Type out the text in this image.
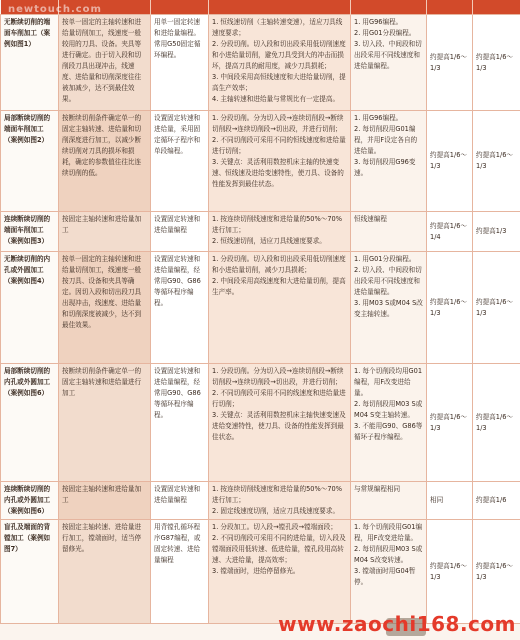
无断续切削的端面车削加工（案例如图1）	按单一固定的主轴转速和进给量切削加工，线速度一般较用的刀具、设备。夹具等进行确定。由于切入段和切削段刀具出现冲击，线速度、进给量和切削深度往往被加减少，达不到最佳效果。	用单一固定转速和进给量编程。常用G50固定循环编程。	1. 恒线速切削（主轴转速变速），适应刀具线速度要求；
2. 分段切削。切入段和切出段采用低切削速度和小进给量切削，避免刀具受到大的冲击而损坏，提高刀具的耐用度，减少刀具损耗；
3. 中间段采用高恒线速度和大进给量切削，提高生产效率；
4. 主轴转速和进给量与常规比有一定提高。	1. 用G96编程。
2. 用G01分段编程。
3. 切入段、中间段和切出段采用不同线速度和进给量编程。	约提高1/6～1/3	约提高1/6～1/3
局部断续切削的端面车削加工（案例如图2）	按断续切削条件确定单一的固定主轴转速、进给量和切削深度进行加工，以减少断续切削对刀具的损坏和损耗，确定的参数值往往比连续切削的低。	设置固定转速和进给量，采用固定循环子程序和单段编程。	1. 分段切削。分为切入段→连续切削段→断续切削段→连续切削段→切出段，并进行切削；
2. 不同切削段可采用不同的恒线速度和进给量进行切削；
3. 关键点：灵活利用数控机床主轴的快速变速、恒线速及进给变速特性，使刀具、设备的性能发挥到最佳状态。	1. 用G96编程。
2. 每切削段用G01编程，并用F设定各自的进给量。
3. 每切削段用G96变速。	约提高1/6～1/3	约提高1/6～1/3
连续断续切削的端面车削加工（案例如图3）	按固定主轴转速和进给量加工	设置固定转速和进给量编程	1. 按连续切削线速度和进给量的50%～70%进行加工；
2. 恒线速切削，适应刀具线速度要求。	恒线速编程	约提高1/6～1/4	约提高1/3
无断续切削的内孔或外圆加工（案例如图4）	按单一固定的主轴转速和进给量切削加工，线速度一般按刀具、设备和夹具等确定。因切入段和切出段刀具出现冲击，线速度、进给量和切削深度被减少，达不到最佳效果。	设置固定转速和进给量编程，经常用G90、G86等循环程序编程。	1. 分段切削。切入段和切出段采用低切削速度和小进给量切削，减少刀具损耗；
2. 中间段采用高线速度和大进给量切削，提高生产率。	1. 用G01分段编程。
2. 切入段、中间段和切出段采用不同线速度和进给量编程。
3. 用M03 S或M04 S改变主轴转速。	约提高1/6～1/3	约提高1/6～1/3
局部断续切削的内孔或外圆加工（案例如图6）	按断续切削条件确定单一的固定主轴转速和进给量进行加工	设置固定转速和进给量编程，经常用G90、G86等循环程序编程。	1. 分段切削。分为切入段→连续切削段→断续切削段→连续切削段→切出段，并进行切削；
2. 不同切削段可采用不同的线速度和进给量进行切削；
3. 关键点：灵活利用数控机床主轴快速变速及进给变速特性，使刀具、设备的性能发挥到最佳状态。	1. 每个切削段均用G01编程，用F改变进给量。
2. 每切削段用M03 S或M04 S变主轴转速。
3. 不能用G90、G86等循环子程序编程。	约提高1/6～1/3	约提高1/6～1/3
连续断续切削的内孔或外圆加工（案例如图6）	按固定主轴转速和进给量加工	设置固定转速和进给量编程	1. 按连续切削线速度和进给量的50%～70%进行加工；
2. 固定线速度切削，适应刀具线速度要求。	与常规编程相同	相同	约提高1/6
盲孔及端面的背镗加工（案例如图7）	按固定主轴转速、进给量进行加工，镗端面时，适当停留修光。	用背镗孔循环程序G87编程，或固定转速、进给量编程	1. 分段加工。切入段→镗孔段→镗端面段；
2. 不同切削段可采用不同的进给量，切入段及镗端面段用低转速、低进给量，镗孔段用高转速、大进给量，提高效率；
3. 镗端面时，进给停留修光。	1. 每个切削段用G01编程，用F改变进给量。
2. 每切削段用M03 S或M04 S改变转速。
3. 镗端面时用G04暂停。	约提高1/6～1/3	约提高1/6～1/3
newtouch.com
www.zaochi168.com
